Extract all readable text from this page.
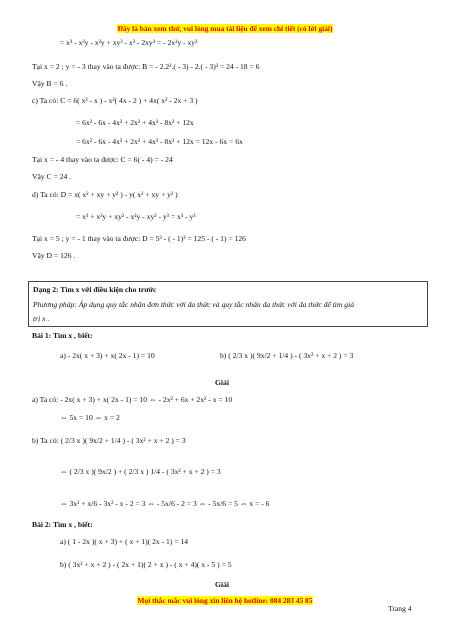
Đây là bản xem thử, vui lòng mua tài liệu để xem chi tiết (có lời giải)
= x³ - x³y - x²y + xy³ - x³ - 2xy³ = - 2x²y - xy³
Tại x = 2 ; y = - 3 thay vào ta được: B = - 2.2².( - 3) - 2.( - 3)³ = 24 - 18 = 6
Vậy B = 6 .
c) Ta có: C = 6( x² - x ) - x²( 4x - 2 ) + 4x( x² - 2x + 3 )
= 6x² - 6x - 4x³ + 2x² + 4x³ - 8x² + 12x
= 6x² - 6x - 4x³ + 2x² + 4x³ - 8x² + 12x = 12x - 6x = 6x
Tại x = - 4 thay vào ta được: C = 6( - 4) = - 24
Vậy C = 24 .
d) Ta có: D = x( x² + xy + y² ) - y( x² + xy + y² )
= x³ + x²y + xy² - x²y - xy² - y³ = x³ - y³
Tại x = 5 ; y = - 1 thay vào ta được: D = 5³ - ( - 1)³ = 125 - ( - 1) = 126
Vậy D = 126 .
Bài 1: Tìm x , biết:
a) - 2x( x + 3) + x( 2x - 1) = 10	b) ( 2/3 x )( 9x/2 + 1/4 ) - ( 3x² + x + 2 ) = 3
Giải
a) Ta có: - 2x( x + 3) + x( 2x - 1) = 10 ⇔ - 2x² + 6x + 2x² - x = 10
⇔ 5x = 10 ⇔ x = 2
b) Ta có: ( 2/3 x )( 9x/2 + 1/4 ) - ( 3x² + x + 2 ) = 3
⇔ ( 2/3 x )( 9x/2 ) + ( 2/3 x ) 1/4 - ( 3x² + x + 2 ) = 3
⇔ 3x² + x/6 - 3x² - x - 2 = 3 ⇔ - 5x/6 - 2 = 3 ⇔ - 5x/6 = 5 ⇔ x = - 6
Bài 2: Tìm x , biết:
a) ( 1 - 2x )( x + 3) + ( x + 1)( 2x - 1) = 14
b) ( 3x² + x + 2 ) - ( 2x + 1)( 2 + x ) - ( x + 4)( x - 5 ) = 5
Giải
Dạng 2: Tìm x với điều kiện cho trước
Phương pháp: Áp dụng quy tắc nhân đơn thức với đa thức và quy tắc nhân đa thức với đa thức để tìm giá
trị x .
Mọi thắc mắc vui lòng xin liên hệ hotline: 084 283 45 85
Trang 4
